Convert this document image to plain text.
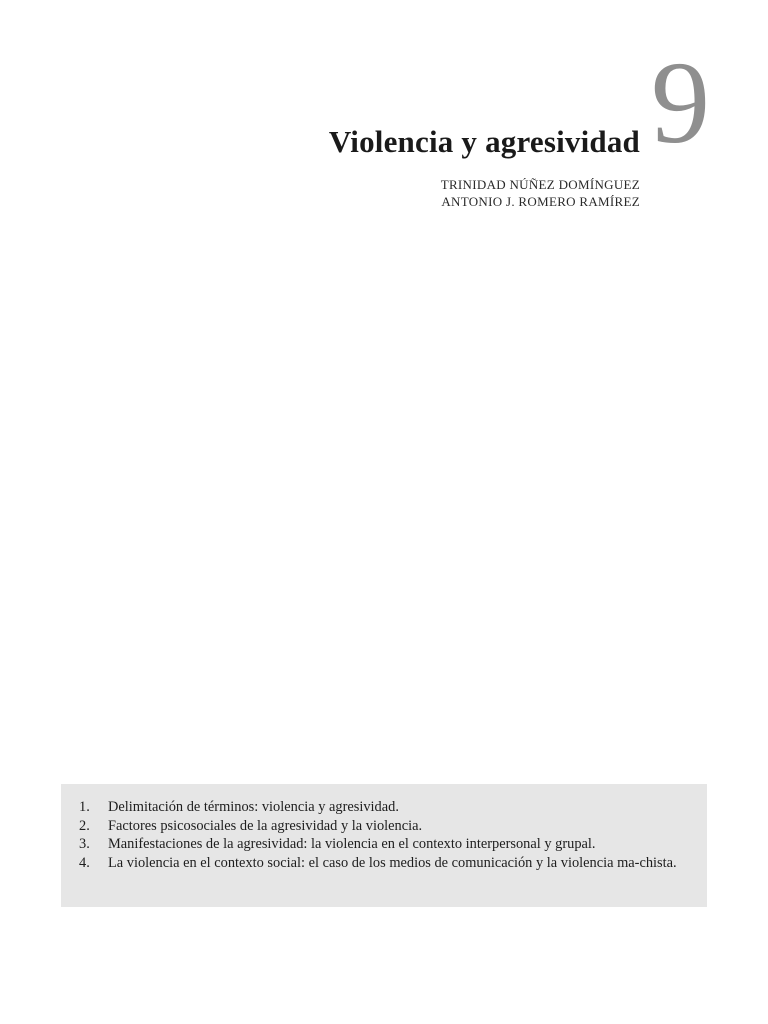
9
Violencia y agresividad
TRINIDAD NÚÑEZ DOMÍNGUEZ
ANTONIO J. ROMERO RAMÍREZ
1.	Delimitación de términos: violencia y agresividad.
2.	Factores psicosociales de la agresividad y la violencia.
3.	Manifestaciones de la agresividad: la violencia en el contexto interpersonal y grupal.
4.	La violencia en el contexto social: el caso de los medios de comunicación y la violencia ma-chista.
